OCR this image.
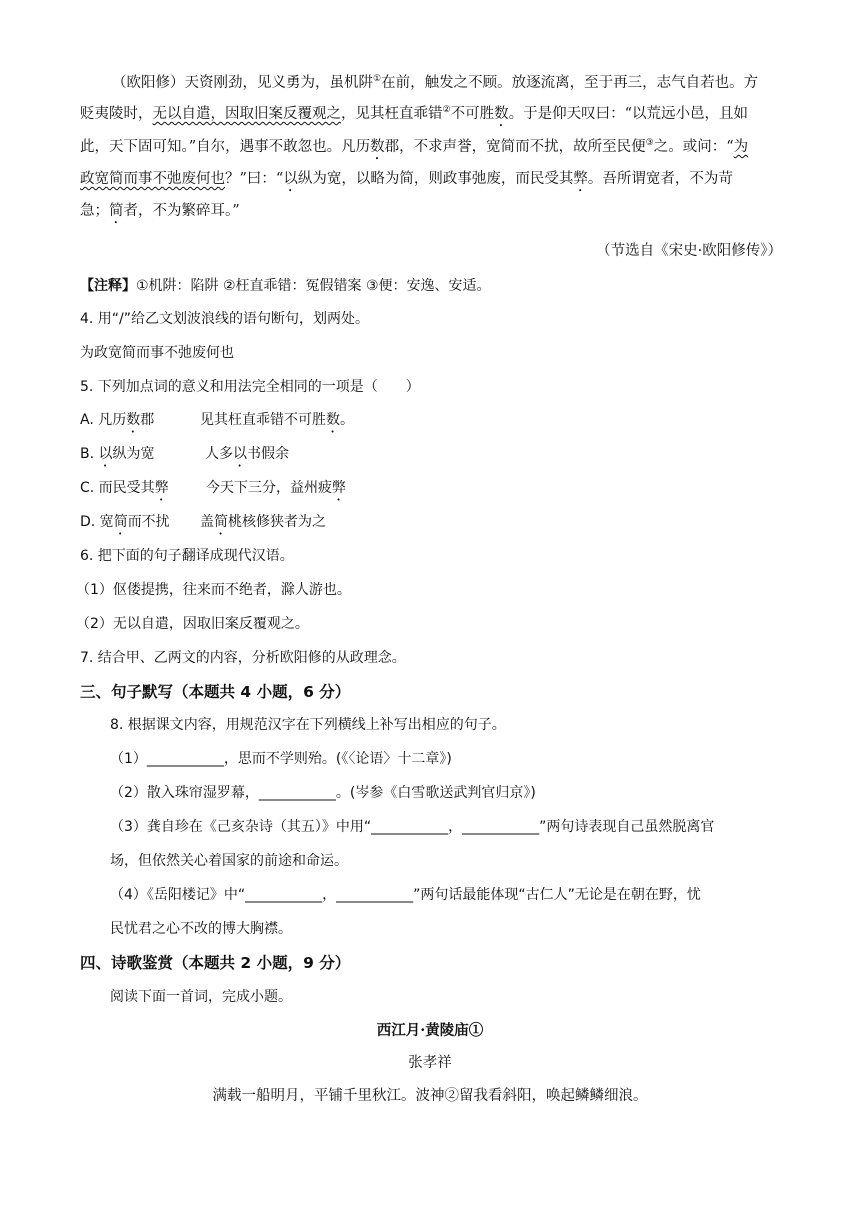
（欧阳修）天资刚劲，见义勇为，虽机阱①在前，触发之不顾。放逐流离，至于再三，志气自若也。方
贬夷陵时，无以自遣，因取旧案反覆观之，见其枉直乖错②不可胜数。于是仰天叹曰：“以荒远小邑，且如
此，天下固可知。”自尔，遇事不敢忽也。凡历数郡，不求声誉，宽简而不扰，故所至民便③之。或问：“为
政宽简而事不弛废何也？”曰：“以纵为宽，以略为简，则政事弛废，而民受其弊。吾所谓宽者，不为苛
急；简者，不为繁碎耳。”
（节选自《宋史·欧阳修传》）
【注释】①机阱：陷阱 ②枉直乖错：冤假错案 ③便：安逸、安适。
4. 用“/”给乙文划波浪线的语句断句，划两处。
为政宽简而事不弛废何也
5. 下列加点词的意义和用法完全相同的一项是（　　）
A. 凡历数郡	见其枉直乖错不可胜数。
B. 以纵为宽	人多以书假余
C. 而民受其弊	今天下三分，益州疲弊
D. 宽简而不扰 盖简桃核修狭者为之
6. 把下面的句子翻译成现代汉语。
（1）伛偻提携，往来而不绝者，滁人游也。
（2）无以自遣，因取旧案反覆观之。
7. 结合甲、乙两文的内容，分析欧阳修的从政理念。
三、句子默写（本题共 4 小题，6 分）
8. 根据课文内容，用规范汉字在下列横线上补写出相应的句子。
（1）___________，思而不学则殆。(《〈论语〉十二章》)
（2）散入珠帘湿罗幕，___________。(岑参《白雪歌送武判官归京》)
（3）龚自珍在《己亥杂诗（其五）》中用“___________，___________”两句诗表现自己虽然脱离官
场，但依然关心着国家的前途和命运。
（4）《岳阳楼记》中“___________，___________”两句话最能体现“古仁人”无论是在朝在野，忧
民忧君之心不改的博大胸襟。
四、诗歌鉴赏（本题共 2 小题，9 分）
阅读下面一首词，完成小题。
西江月·黄陵庙①
张孝祥
满载一船明月，平铺千里秋江。波神②留我看斜阳，唤起鳞鳞细浪。
